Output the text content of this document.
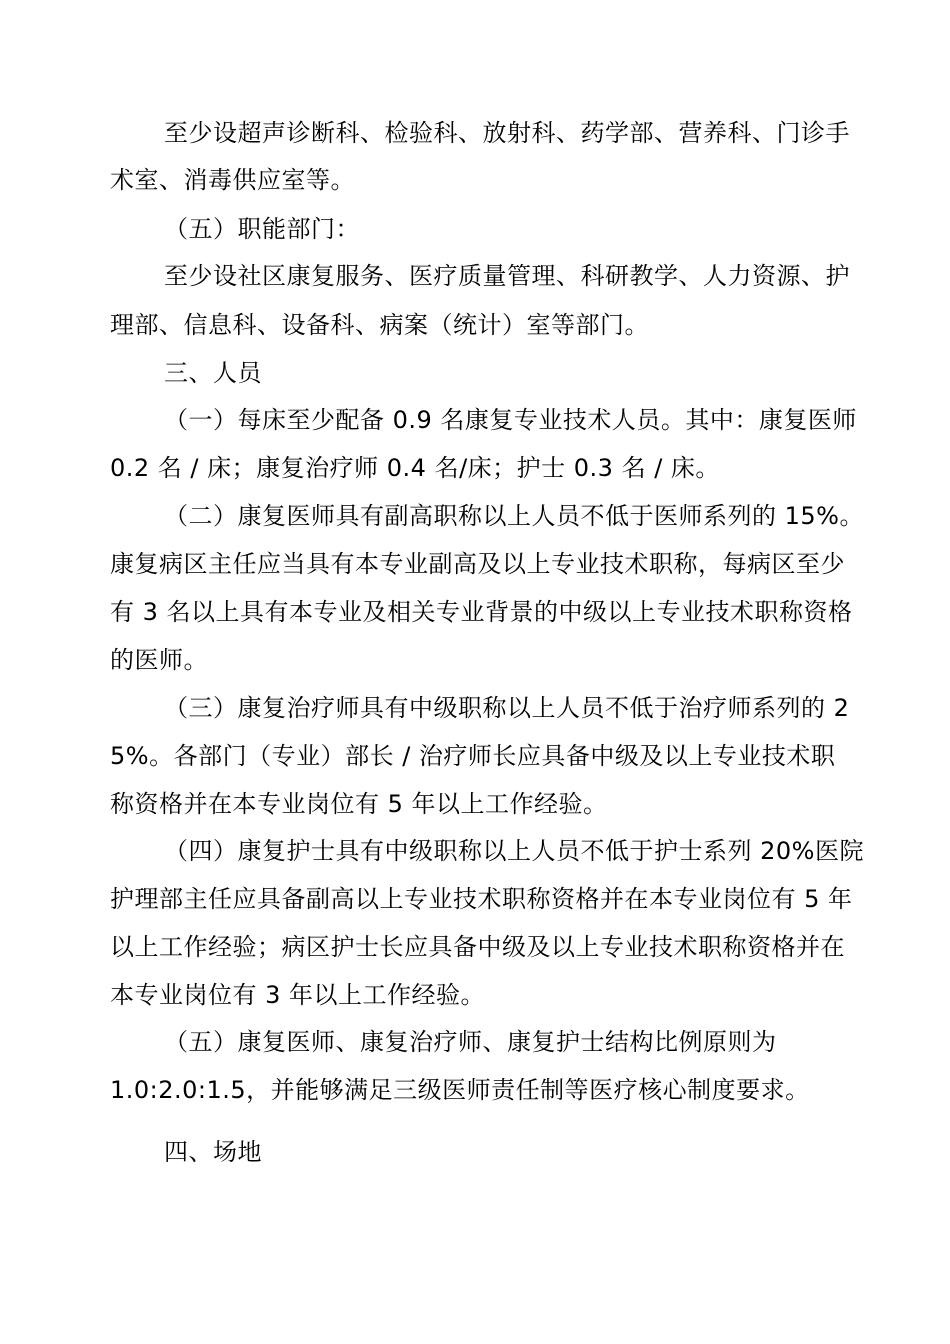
至少设超声诊断科、检验科、放射科、药学部、营养科、门诊手
术室、消毒供应室等。
（五）职能部门：
至少设社区康复服务、医疗质量管理、科研教学、人力资源、护
理部、信息科、设备科、病案（统计）室等部门。
三、人员
（一）每床至少配备 0.9 名康复专业技术人员。其中：康复医师
0.2 名 / 床；康复治疗师 0.4 名/床；护士 0.3 名 / 床。
（二）康复医师具有副高职称以上人员不低于医师系列的 15%。
康复病区主任应当具有本专业副高及以上专业技术职称，每病区至少
有 3 名以上具有本专业及相关专业背景的中级以上专业技术职称资格
的医师。
（三）康复治疗师具有中级职称以上人员不低于治疗师系列的 2
5%。各部门（专业）部长 / 治疗师长应具备中级及以上专业技术职
称资格并在本专业岗位有 5 年以上工作经验。
（四）康复护士具有中级职称以上人员不低于护士系列 20%医院
护理部主任应具备副高以上专业技术职称资格并在本专业岗位有 5 年
以上工作经验；病区护士长应具备中级及以上专业技术职称资格并在
本专业岗位有 3 年以上工作经验。
（五）康复医师、康复治疗师、康复护士结构比例原则为
1.0:2.0:1.5，并能够满足三级医师责任制等医疗核心制度要求。
四、场地
